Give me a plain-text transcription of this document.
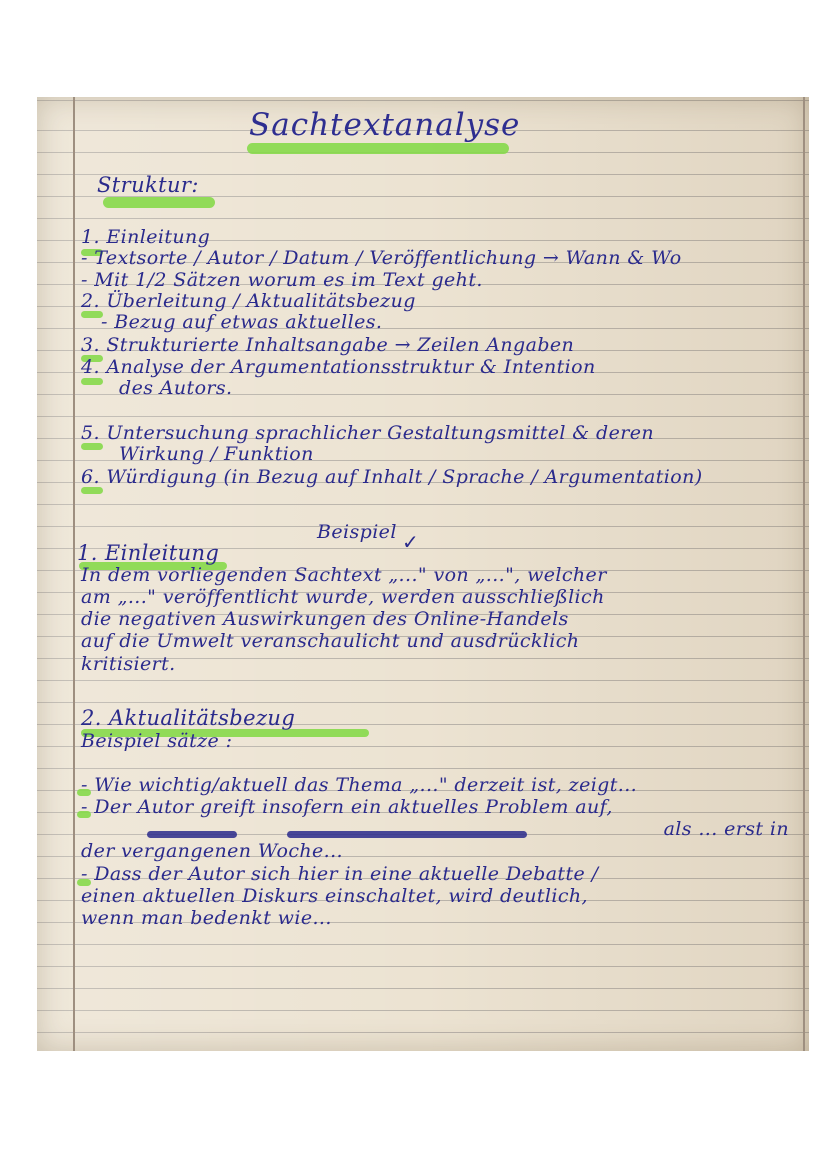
Sachtextanalyse
Struktur:
1. Einleitung
- Textsorte / Autor / Datum / Veröffentlichung → Wann & Wo
- Mit 1/2 Sätzen worum es im Text geht.
2. Überleitung / Aktualitätsbezug
- Bezug auf etwas aktuelles.
3. Strukturierte Inhaltsangabe → Zeilen Angaben
4. Analyse der Argumentationsstruktur & Intention
des Autors.
5. Untersuchung sprachlicher Gestaltungsmittel & deren
Wirkung / Funktion
6. Würdigung (in Bezug auf Inhalt / Sprache / Argumentation)
Beispiel ✓
1. Einleitung
In dem vorliegenden Sachtext „..." von „...", welcher
am „..." veröffentlicht wurde, werden ausschließlich
die negativen Auswirkungen des Online-Handels
auf die Umwelt veranschaulicht und ausdrücklich
kritisiert.
2. Aktualitätsbezug
Beispiel sätze :
- Wie wichtig/aktuell das Thema „..." derzeit ist, zeigt...
- Der Autor greift insofern ein aktuelles Problem auf,
als ... erst in
der vergangenen Woche...
- Dass der Autor sich hier in eine aktuelle Debatte /
einen aktuellen Diskurs einschaltet, wird deutlich,
wenn man bedenkt wie...
